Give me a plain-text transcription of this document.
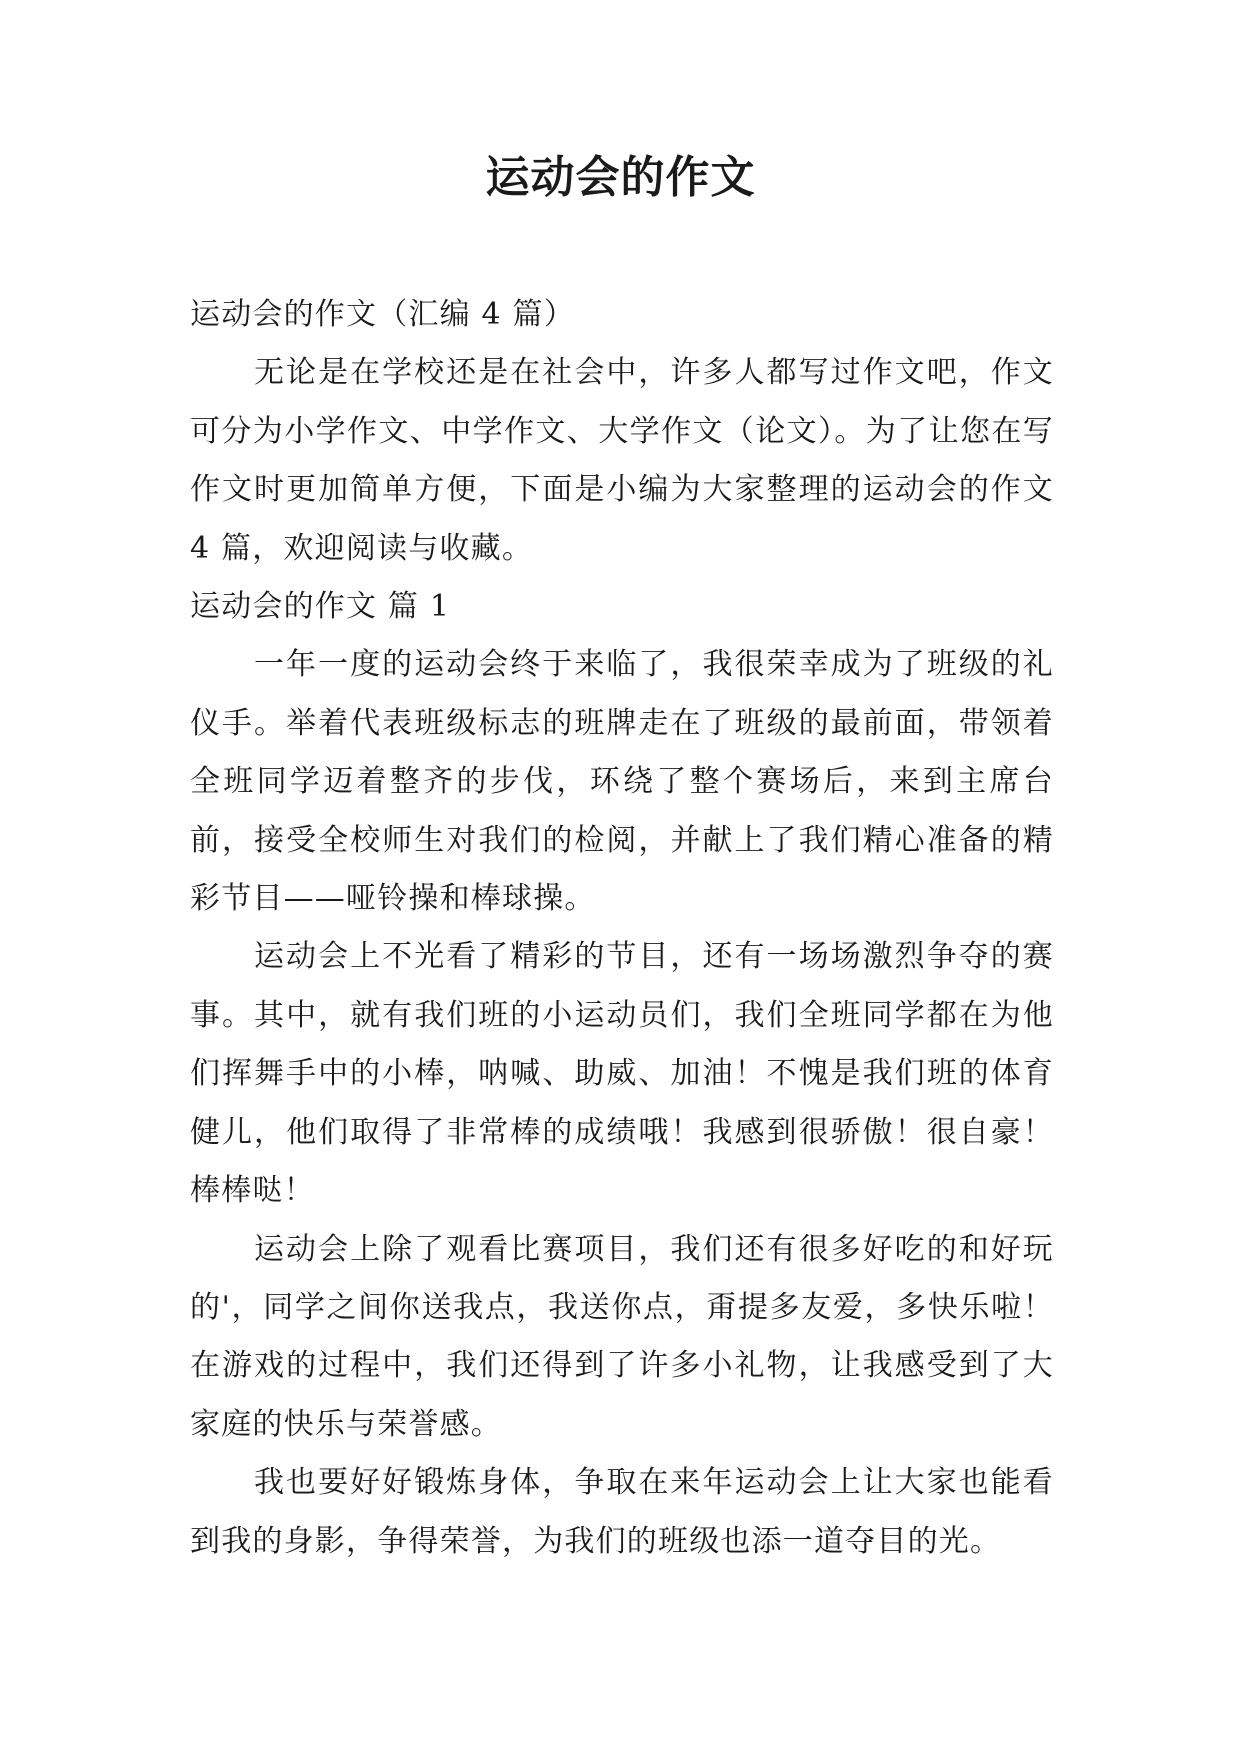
运动会的作文

运动会的作文（汇编 4 篇）

无论是在学校还是在社会中，许多人都写过作文吧，作文可分为小学作文、中学作文、大学作文（论文）。为了让您在写作文时更加简单方便，下面是小编为大家整理的运动会的作文 4 篇，欢迎阅读与收藏。

运动会的作文 篇 1

一年一度的运动会终于来临了，我很荣幸成为了班级的礼仪手。举着代表班级标志的班牌走在了班级的最前面，带领着全班同学迈着整齐的步伐，环绕了整个赛场后，来到主席台前，接受全校师生对我们的检阅，并献上了我们精心准备的精彩节目——哑铃操和棒球操。

运动会上不光看了精彩的节目，还有一场场激烈争夺的赛事。其中，就有我们班的小运动员们，我们全班同学都在为他们挥舞手中的小棒，呐喊、助威、加油！不愧是我们班的体育健儿，他们取得了非常棒的成绩哦！我感到很骄傲！很自豪！棒棒哒！

运动会上除了观看比赛项目，我们还有很多好吃的和好玩的'，同学之间你送我点，我送你点，甭提多友爱，多快乐啦！在游戏的过程中，我们还得到了许多小礼物，让我感受到了大家庭的快乐与荣誉感。

我也要好好锻炼身体，争取在来年运动会上让大家也能看到我的身影，争得荣誉，为我们的班级也添一道夺目的光。
